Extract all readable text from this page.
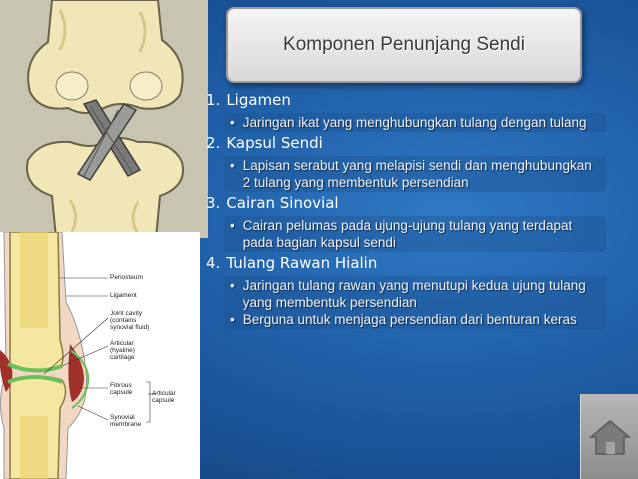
Periosteum
Ligament
Joint cavity (contains synovial fluid)
Articular (hyaline) cartilage
Fibrous capsule
Synovial membrane
Articular capsule
Komponen Penunjang Sendi
1. Ligamen
• Jaringan ikat yang menghubungkan tulang dengan tulang
2. Kapsul Sendi
• Lapisan serabut yang melapisi sendi dan menghubungkan 2 tulang yang membentuk persendian
3. Cairan Sinovial
• Cairan pelumas pada ujung-ujung tulang yang terdapat pada bagian kapsul sendi
4. Tulang Rawan Hialin
• Jaringan tulang rawan yang menutupi kedua ujung tulang yang membentuk persendian
• Berguna untuk menjaga persendian dari benturan keras
